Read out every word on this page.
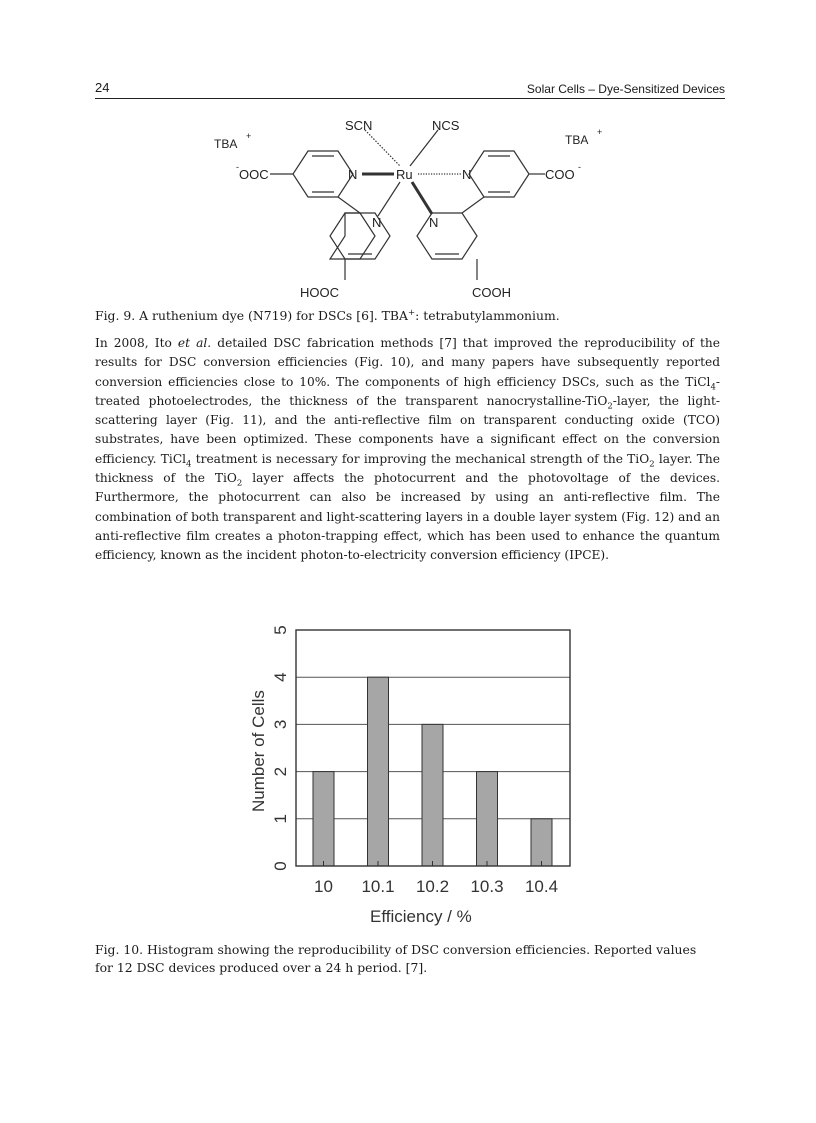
24	Solar Cells – Dye-Sensitized Devices
SCN	NCS
TBA
+	TBA
+
- OOC	COO -
Ru
N	N
N	N
HOOC	COOH
Fig. 9. A ruthenium dye (N719) for DSCs [6]. TBA+: tetrabutylammonium.

In 2008, Ito et al. detailed DSC fabrication methods [7] that improved the reproducibility of the results for DSC conversion efficiencies (Fig. 10), and many papers have subsequently reported conversion efficiencies close to 10%. The components of high efficiency DSCs, such as the TiCl$_4$-treated photoelectrodes, the thickness of the transparent nanocrystalline-TiO$_2$-layer, the light-scattering layer (Fig. 11), and the anti-reflective film on transparent conducting oxide (TCO) substrates, have been optimized. These components have a significant effect on the conversion efficiency. TiCl$_4$ treatment is necessary for improving the mechanical strength of the TiO$_2$ layer. The thickness of the TiO$_2$ layer affects the photocurrent and the photovoltage of the devices. Furthermore, the photocurrent can also be increased by using an anti-reflective film. The combination of both transparent and light-scattering layers in a double layer system (Fig. 12) and an anti-reflective film creates a photon-trapping effect, which has been used to enhance the quantum efficiency, known as the incident photon-to-electricity conversion efficiency (IPCE).

0
1
2
3
4
5
10 10.1 10.2 10.3 10.4
Efficiency / %
Number of Cells
Fig. 10. Histogram showing the reproducibility of DSC conversion efficiencies. Reported values for 12 DSC devices produced over a 24 h period. [7].
